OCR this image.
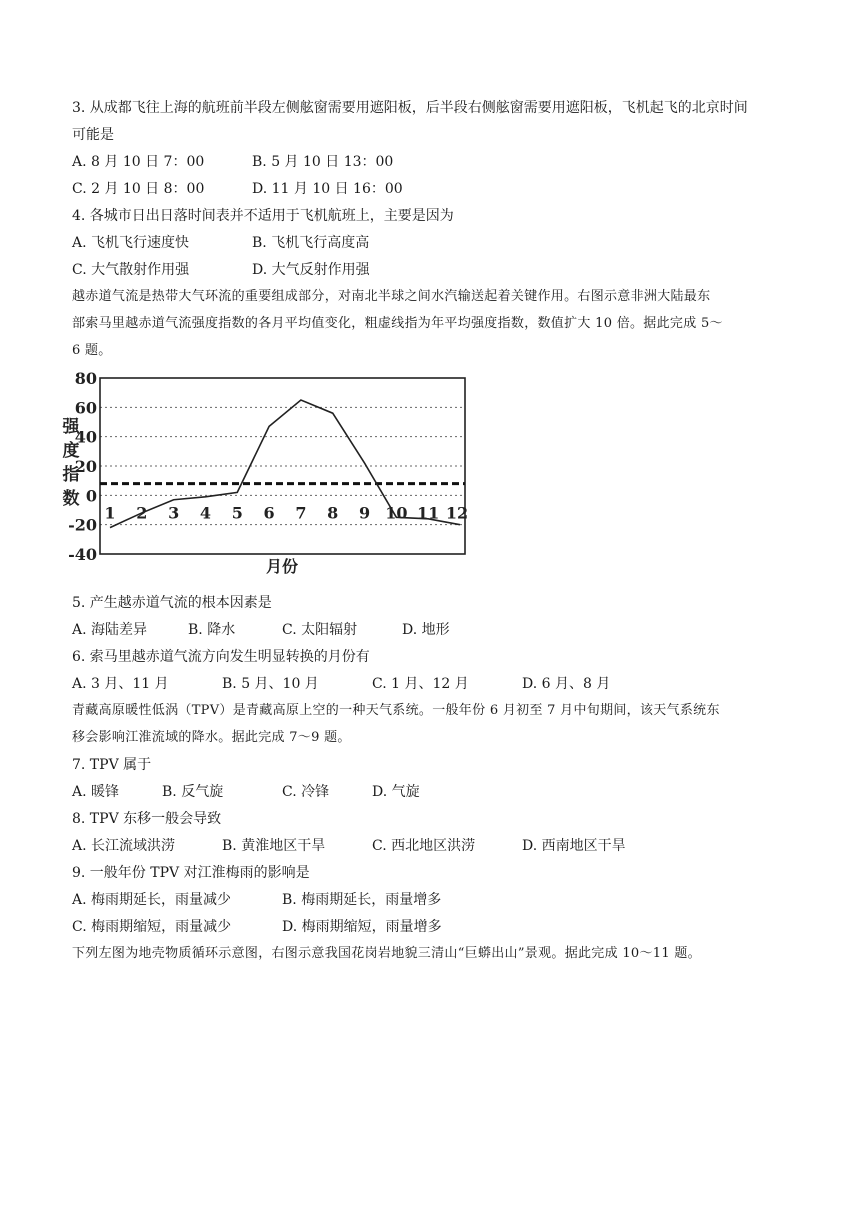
3. 从成都飞往上海的航班前半段左侧舷窗需要用遮阳板，后半段右侧舷窗需要用遮阳板，飞机起飞的北京时间
可能是
A. 8 月 10 日 7：00	B. 5 月 10 日 13：00
C. 2 月 10 日 8：00	D. 11 月 10 日 16：00
4. 各城市日出日落时间表并不适用于飞机航班上，主要是因为
A. 飞机飞行速度快	B. 飞机飞行高度高
C. 大气散射作用强	D. 大气反射作用强
越赤道气流是热带大气环流的重要组成部分，对南北半球之间水汽输送起着关键作用。右图示意非洲大陆最东
部索马里越赤道气流强度指数的各月平均值变化，粗虚线指为年平均强度指数，数值扩大 10 倍。据此完成 5～
6 题。
80
60
40
20
0
-20
-40
1 2 3 4 5 6 7 8 9 10 11 12
强
度
指
数
月份
5. 产生越赤道气流的根本因素是
A. 海陆差异	B. 降水	C. 太阳辐射	D. 地形
6. 索马里越赤道气流方向发生明显转换的月份有
A. 3 月、11 月	B. 5 月、10 月	C. 1 月、12 月	D. 6 月、8 月
青藏高原暖性低涡（TPV）是青藏高原上空的一种天气系统。一般年份 6 月初至 7 月中旬期间，该天气系统东
移会影响江淮流域的降水。据此完成 7～9 题。
7. TPV 属于
A. 暖锋	B. 反气旋	C. 冷锋	D. 气旋
8. TPV 东移一般会导致
A. 长江流域洪涝	B. 黄淮地区干旱	C. 西北地区洪涝	D. 西南地区干旱
9. 一般年份 TPV 对江淮梅雨的影响是
A. 梅雨期延长，雨量减少	B. 梅雨期延长，雨量增多
C. 梅雨期缩短，雨量减少	D. 梅雨期缩短，雨量增多
下列左图为地壳物质循环示意图，右图示意我国花岗岩地貌三清山“巨蟒出山”景观。据此完成 10～11 题。
